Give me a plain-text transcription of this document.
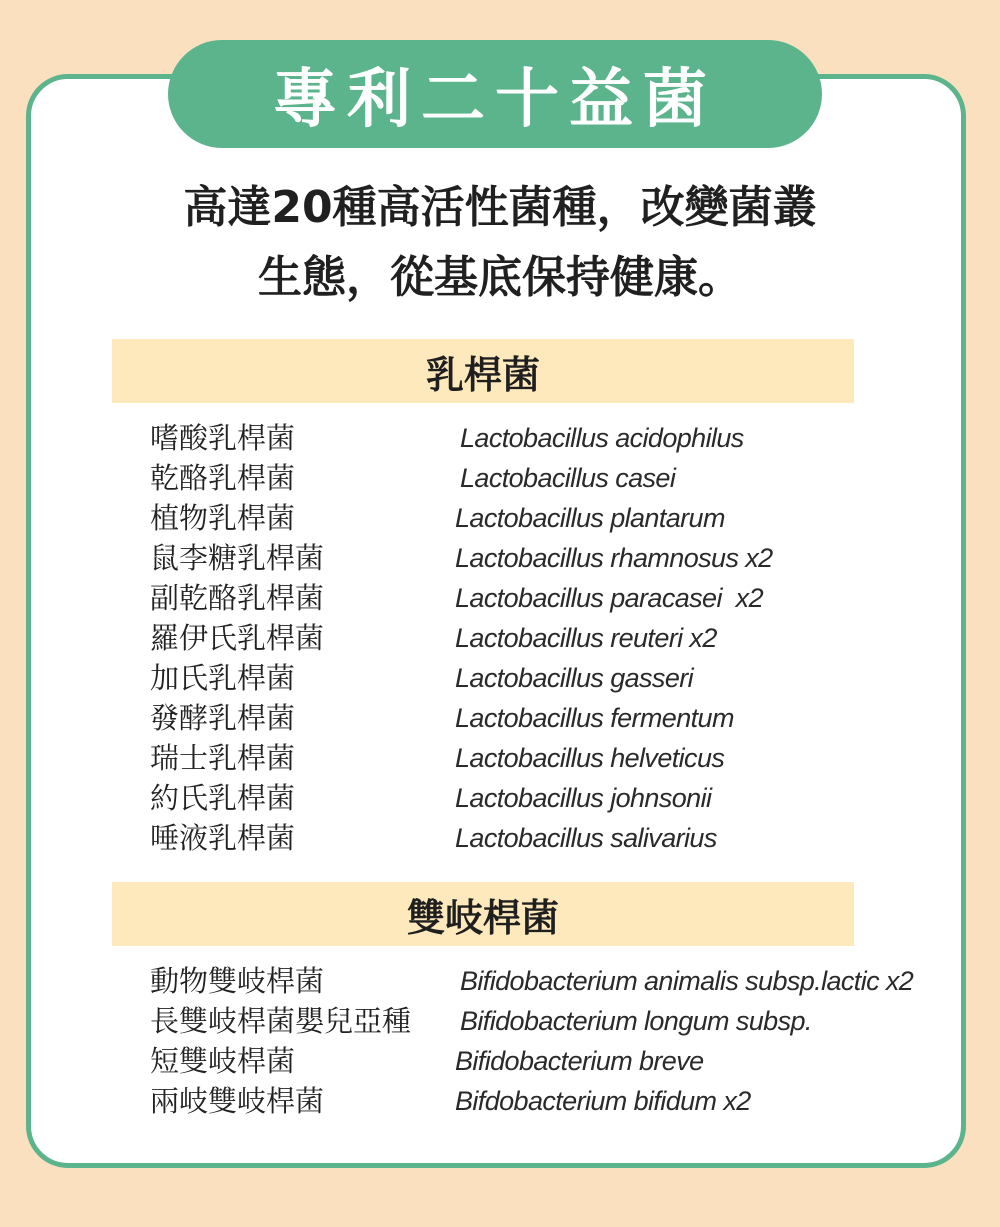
專利二十益菌
高達20種高活性菌種，改變菌叢
生態，從基底保持健康。
乳桿菌
嗜酸乳桿菌	Lactobacillus acidophilus
乾酪乳桿菌	Lactobacillus casei
植物乳桿菌	Lactobacillus plantarum
鼠李糖乳桿菌	Lactobacillus rhamnosus x2
副乾酪乳桿菌	Lactobacillus paracasei  x2
羅伊氏乳桿菌	Lactobacillus reuteri x2
加氏乳桿菌	Lactobacillus gasseri
發酵乳桿菌	Lactobacillus fermentum
瑞士乳桿菌	Lactobacillus helveticus
約氏乳桿菌	Lactobacillus johnsonii
唾液乳桿菌	Lactobacillus salivarius
雙岐桿菌
動物雙岐桿菌	Bifidobacterium animalis subsp.lactic x2
長雙岐桿菌嬰兒亞種 Bifidobacterium longum subsp.
短雙岐桿菌	Bifidobacterium breve
兩岐雙岐桿菌	Bifdobacterium bifidum x2
